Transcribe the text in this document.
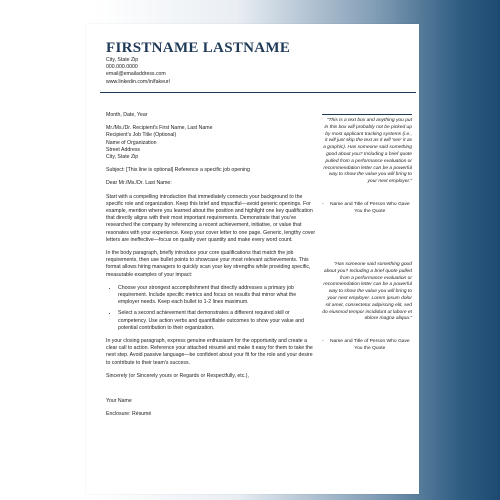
FIRSTNAME LASTNAME
City, State Zip
000.000.0000
email@emailaddress.com
www.linkedin.com/in/fakeurl

Month, Date, Year

Mr./Ms./Dr. Recipient's First Name, Last Name
Recipient's Job Title (Optional)
Name of Organization
Street Address
City, State Zip

Subject: [This line is optional] Reference a specific job opening

Dear Mr./Ms./Dr. Last Name:

Start with a compelling introduction that immediately connects your background to the specific role and organization. Keep this brief and impactful—avoid generic openings. For example, mention where you learned about the position and highlight one key qualification that directly aligns with their most important requirements. Demonstrate that you've researched the company by referencing a recent achievement, initiative, or value that resonates with your experience. Keep your cover letter to one page. Generic, lengthy cover letters are ineffective—focus on quality over quantity and make every word count.

In the body paragraph, briefly introduce your core qualifications that match the job requirements, then use bullet points to showcase your most relevant achievements. This format allows hiring managers to quickly scan your key strengths while providing specific, measurable examples of your impact:

• Choose your strongest accomplishment that directly addresses a primary job requirement. Include specific metrics and focus on results that mirror what the employer needs. Keep each bullet to 1-2 lines maximum.
• Select a second achievement that demonstrates a different required skill or competency. Use action verbs and quantifiable outcomes to show your value and potential contribution to their organization.

In your closing paragraph, express genuine enthusiasm for the opportunity and create a clear call to action. Reference your attached résumé and make it easy for them to take the next step. Avoid passive language—be confident about your fit for the role and your desire to contribute to their team's success.

Sincerely (or Sincerely yours or Regards or Respectfully, etc.),

Your Name

Enclosure: Résumé

"This is a text box and anything you put in this box will probably not be picked up by most applicant tracking systems (i.e., it will just skip the text as it will 'see' it as a graphic). Has someone said something good about you? Including a brief quote pulled from a performance evaluation or recommendation letter can be a powerful way to show the value you will bring to your next employer."
-	Name and Title of Person Who Gave You the Quote
"Has someone said something good about you? Including a brief quote pulled from a performance evaluation or recommendation letter can be a powerful way to show the value you will bring to your next employer. Lorem ipsum dolor sit amet, consectetur adipiscing elit, sed do eiusmod tempor incididunt ut labore et dolore magna aliqua."
-	Name and Title of Person Who Gave You the Quote
